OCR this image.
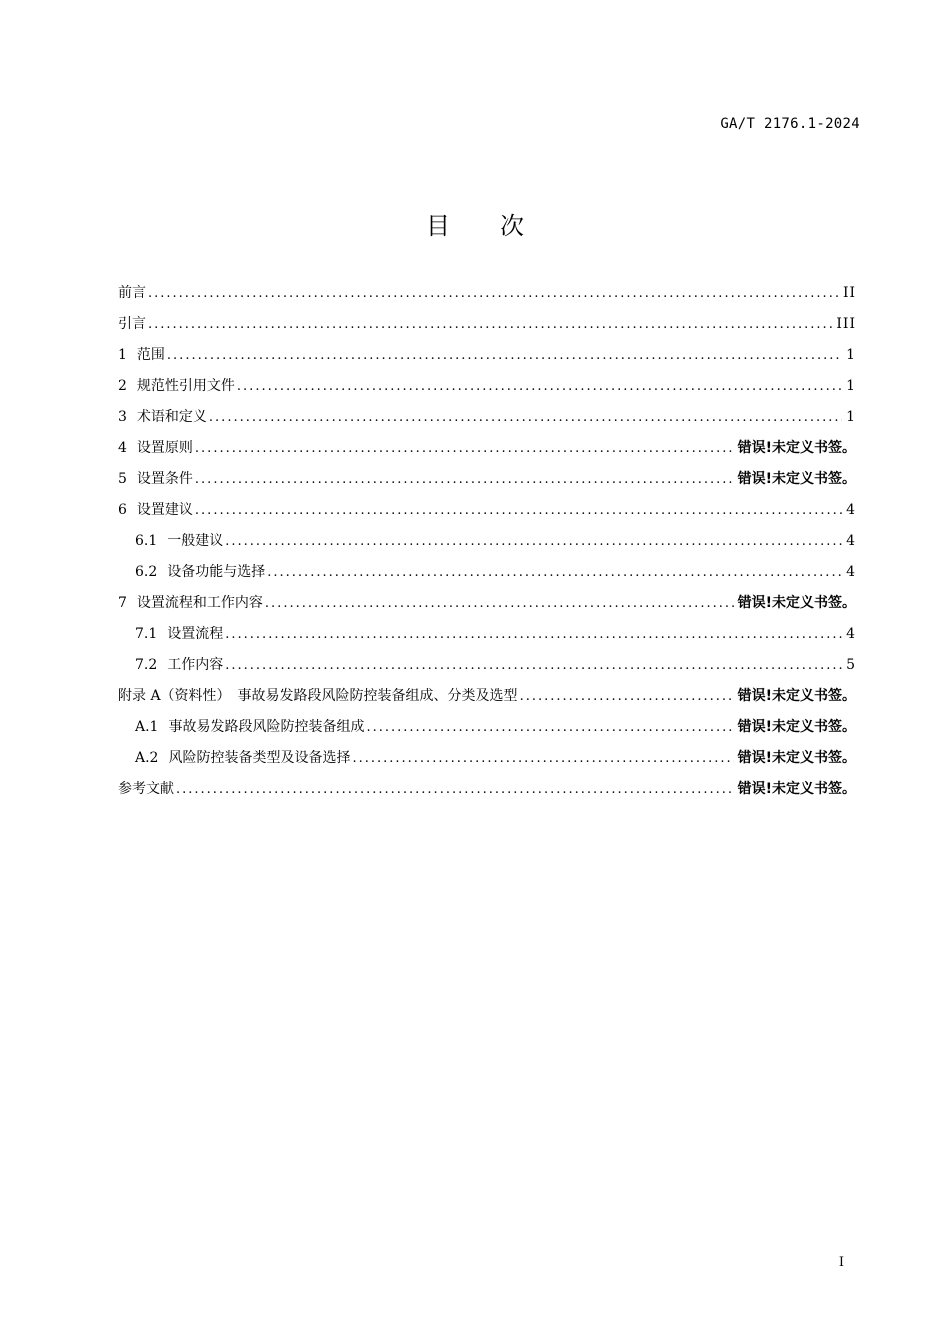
GA/T 2176.1-2024
目 次
前言 .....	II
引言 .....	III
1 范围 .....	1
2 规范性引用文件 .....	1
3 术语和定义 .....	1
4 设置原则 .....	错误!未定义书签。
5 设置条件 .....	错误!未定义书签。
6 设置建议 .....	4
6.1 一般建议 .....	4
6.2 设备功能与选择 .....	4
7 设置流程和工作内容 .....	错误!未定义书签。
7.1 设置流程 .....	4
7.2 工作内容 .....	5
附录 A（资料性）　事故易发路段风险防控装备组成、分类及选型 .....	错误!未定义书签。
A.1 事故易发路段风险防控装备组成 .....	错误!未定义书签。
A.2 风险防控装备类型及设备选择 .....	错误!未定义书签。
参考文献 .....	错误!未定义书签。
I
